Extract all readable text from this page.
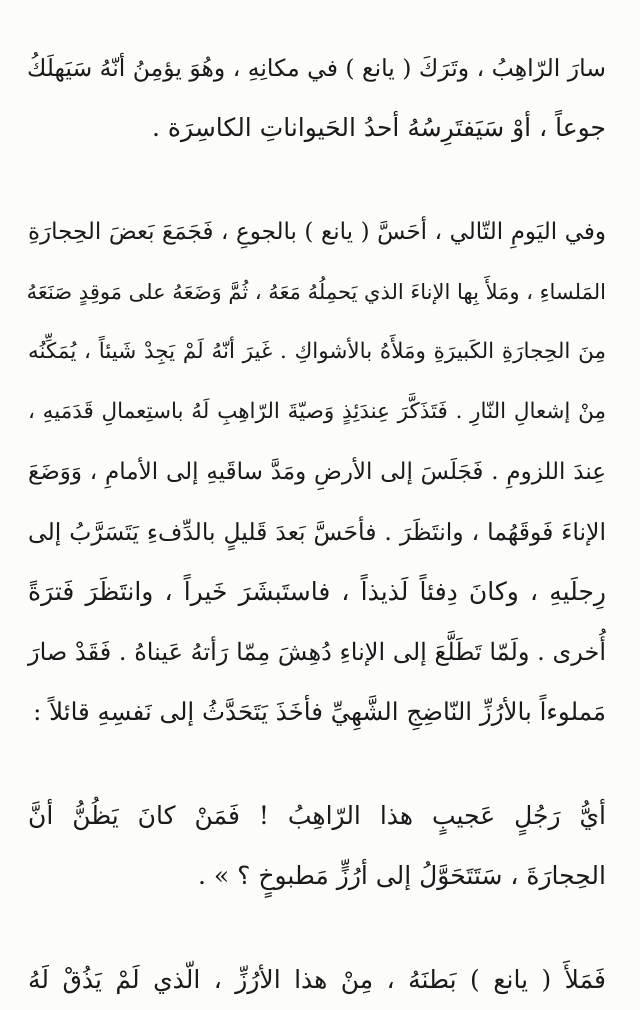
سارَ الرّاهِبُ ، وتَرَكَ ( يانع ) في مكانِهِ ، وهُوَ يؤمِنُ أنّهُ سَيَهلَكُ
جوعاً ، أوْ سَيَفتَرِسُهُ أحدُ الحَيواناتِ الكاسِرَة .
وفي اليَومِ التّالي ، أحَسَّ ( يانع ) بالجوعِ ، فَجَمَعَ بَعضَ الحِجارَةِ
المَلساءِ ، ومَلأَ بِها الإناءَ الذي يَحمِلُهُ مَعَهُ ، ثُمَّ وَضَعَهُ على مَوقِدٍ صَنَعَهُ
مِنَ الحِجارَةِ الكَبيرَةِ ومَلأَهُ بالأشواكِ . غَيرَ أنّهُ لَمْ يَجِدْ شَيئاً ، يُمَكِّنُه
مِنْ إشعالِ النّارِ . فَتَذَكَّرَ عِندَئِذٍ وَصيّةَ الرّاهِبِ لَهُ باستِعمالِ قَدَمَيهِ ،
عِندَ اللزومِ . فَجَلَسَ إلى الأرضِ ومَدَّ ساقَيهِ إلى الأمامِ ، وَوَضَعَ
الإناءَ فَوقَهُما ، وانتَظَرَ . فأحَسَّ بَعدَ قَليلٍ بالدِّفءِ يَتَسَرَّبُ إلى
رِجلَيهِ ، وكانَ دِفئاً لَذيذاً ، فاستَبشَرَ خَيراً ، وانتَظَرَ فَترَةً
أُخرى . ولَمّا تَطَلَّعَ إلى الإناءِ دُهِشَ مِمّا رَأتهُ عَيناهُ . فَقَدْ صارَ
مَملوءاً بالأرُزِّ النّاضِجِ الشَّهِيِّ فأخَذَ يَتَحَدَّثُ إلى نَفسِهِ قائلاً :
أيُّ رَجُلٍ عَجيبٍ هذا الرّاهِبُ ! فَمَنْ كانَ يَظُنُّ أنَّ
الحِجارَةَ ، سَتَتَحَوَّلُ إلى أرُزٍّ مَطبوخٍ ؟ » .
فَمَلأَ ( يانع ) بَطنَهُ ، مِنْ هذا الأرُزِّ ، الّذي لَمْ يَذُقْ لَهُ
